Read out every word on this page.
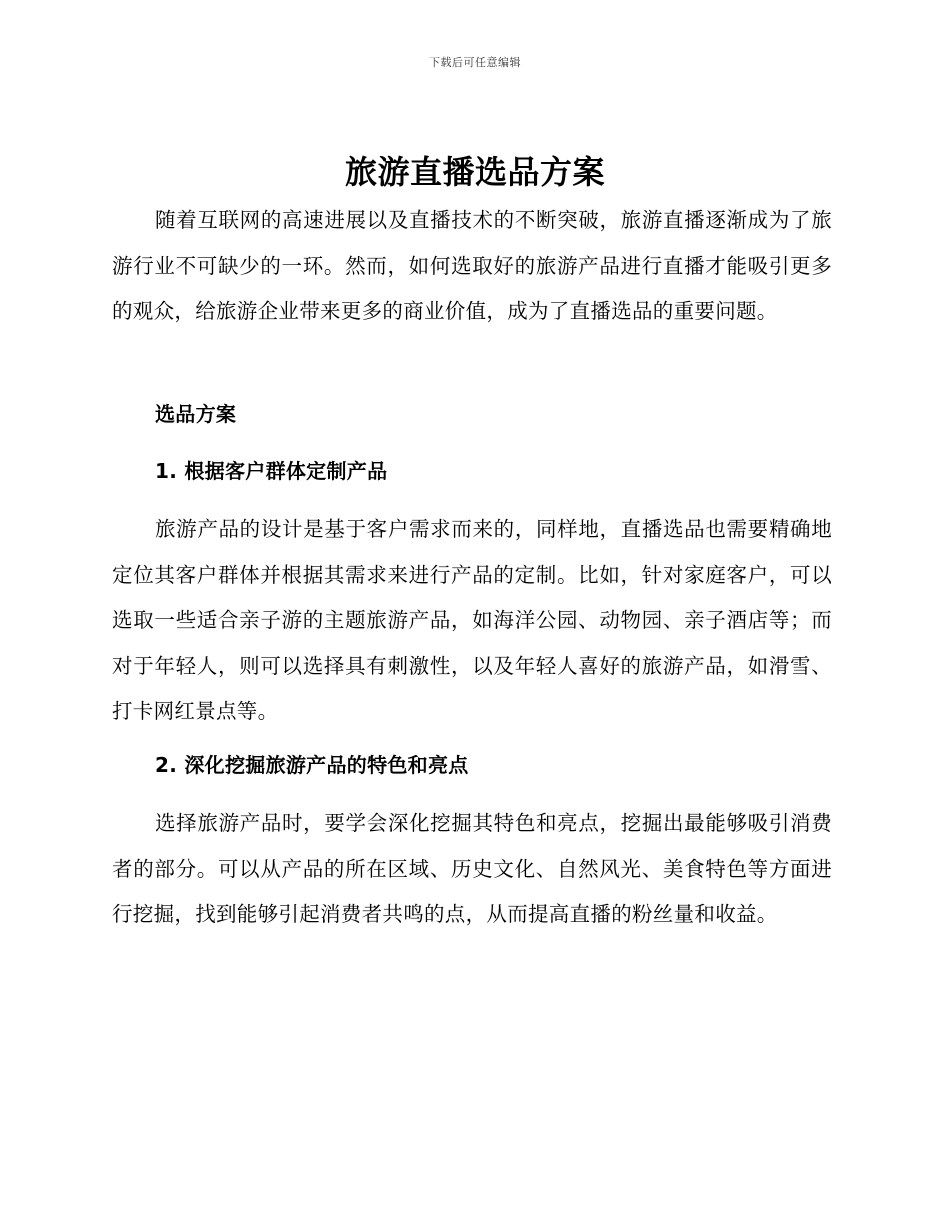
下载后可任意编辑
旅游直播选品方案

随着互联网的高速进展以及直播技术的不断突破，旅游直播逐渐成为了旅游行业不可缺少的一环。然而，如何选取好的旅游产品进行直播才能吸引更多的观众，给旅游企业带来更多的商业价值，成为了直播选品的重要问题。

选品方案
1. 根据客户群体定制产品

旅游产品的设计是基于客户需求而来的，同样地，直播选品也需要精确地定位其客户群体并根据其需求来进行产品的定制。比如，针对家庭客户，可以选取一些适合亲子游的主题旅游产品，如海洋公园、动物园、亲子酒店等；而对于年轻人，则可以选择具有刺激性，以及年轻人喜好的旅游产品，如滑雪、打卡网红景点等。

2. 深化挖掘旅游产品的特色和亮点

选择旅游产品时，要学会深化挖掘其特色和亮点，挖掘出最能够吸引消费者的部分。可以从产品的所在区域、历史文化、自然风光、美食特色等方面进行挖掘，找到能够引起消费者共鸣的点，从而提高直播的粉丝量和收益。
